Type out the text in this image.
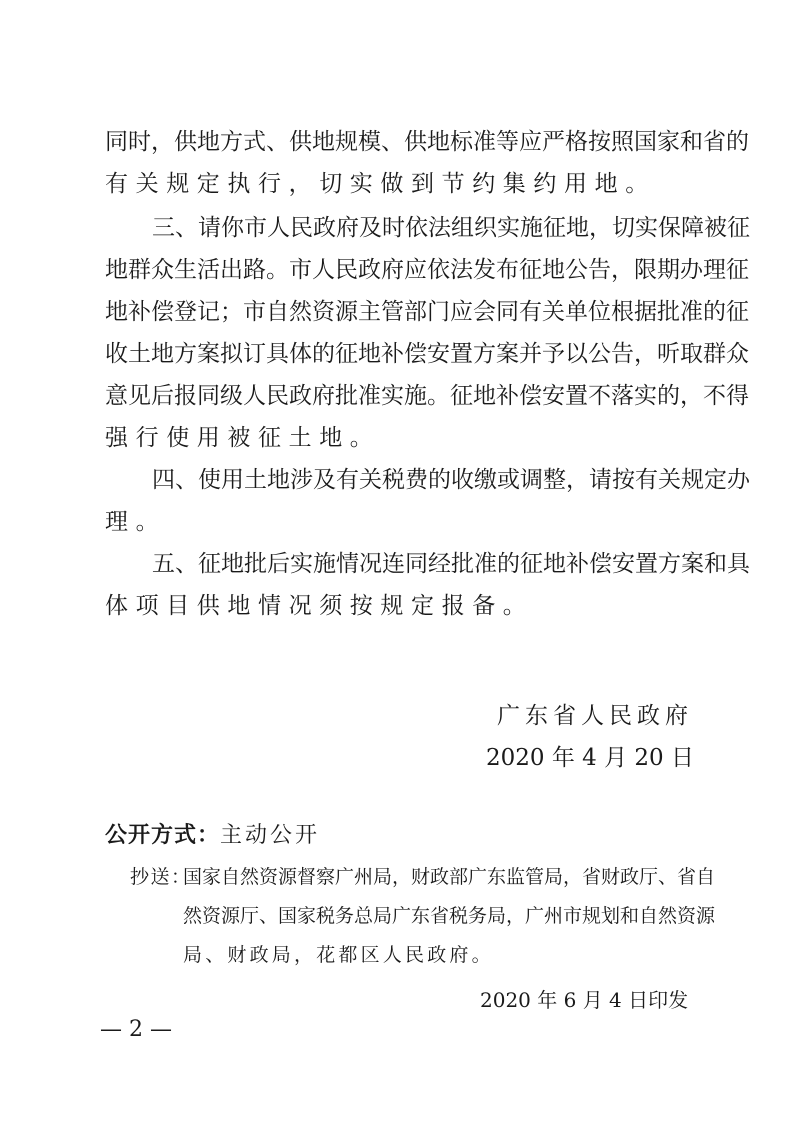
同时，供地方式、供地规模、供地标准等应严格按照国家和省的
有关规定执行，切实做到节约集约用地。
三、请你市人民政府及时依法组织实施征地，切实保障被征
地群众生活出路。市人民政府应依法发布征地公告，限期办理征
地补偿登记；市自然资源主管部门应会同有关单位根据批准的征
收土地方案拟订具体的征地补偿安置方案并予以公告，听取群众
意见后报同级人民政府批准实施。征地补偿安置不落实的，不得
强行使用被征土地。
四、使用土地涉及有关税费的收缴或调整，请按有关规定办
理。
五、征地批后实施情况连同经批准的征地补偿安置方案和具
体项目供地情况须按规定报备。
广东省人民政府
2020 年 4 月 20 日
公开方式：主动公开
抄送：
国家自然资源督察广州局，财政部广东监管局，省财政厅、省自
然资源厅、国家税务总局广东省税务局，广州市规划和自然资源
局、财政局，花都区人民政府。
2020 年 6 月 4 日印发
— 2 —
